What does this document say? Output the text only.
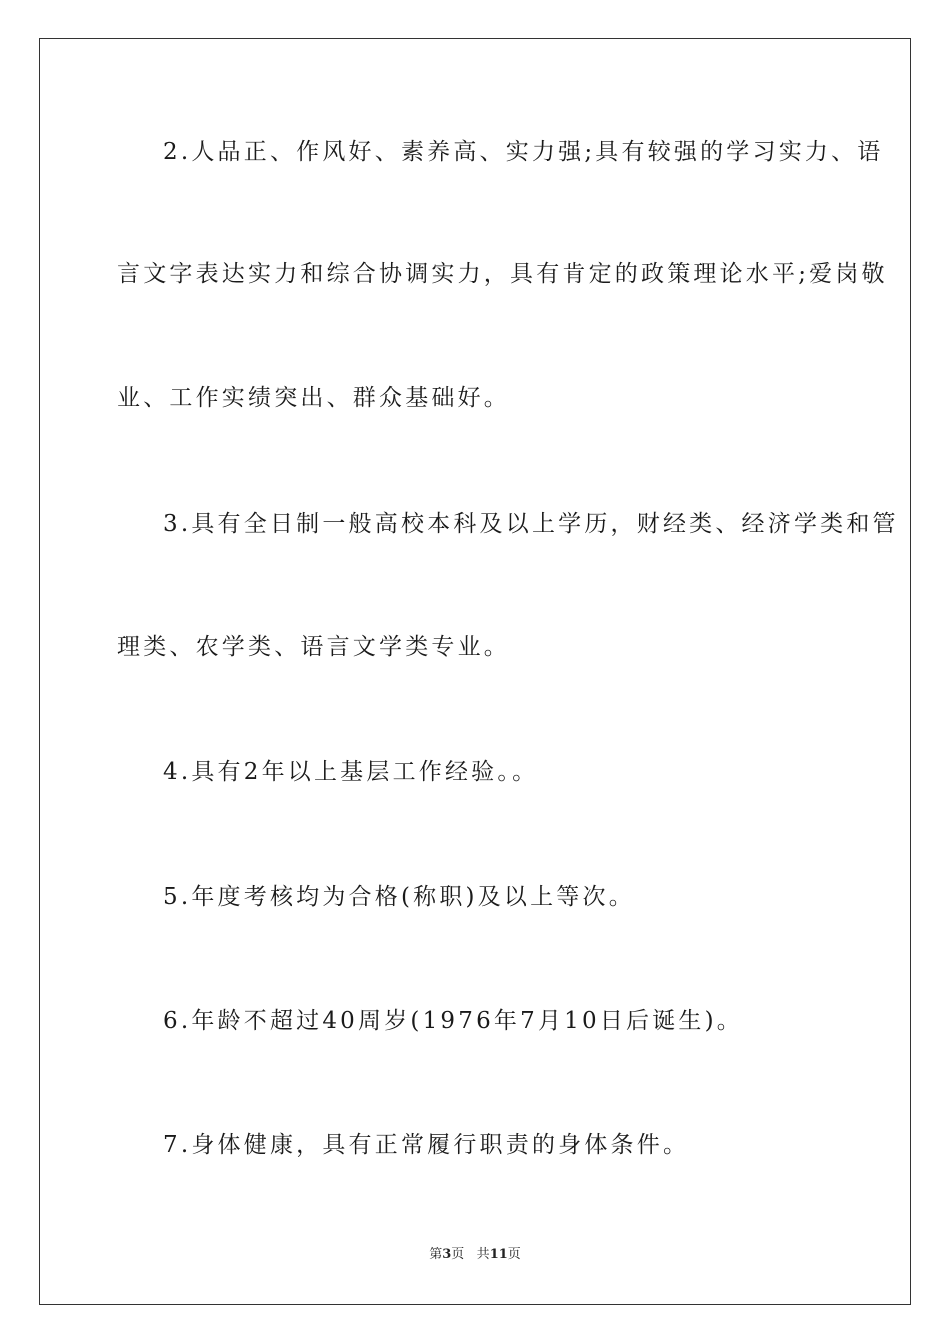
2.人品正、作风好、素养高、实力强;具有较强的学习实力、语
言文字表达实力和综合协调实力，具有肯定的政策理论水平;爱岗敬
业、工作实绩突出、群众基础好。
3.具有全日制一般高校本科及以上学历，财经类、经济学类和管
理类、农学类、语言文学类专业。
4.具有2年以上基层工作经验。。
5.年度考核均为合格(称职)及以上等次。
6.年龄不超过40周岁(1976年7月10日后诞生)。
7.身体健康，具有正常履行职责的身体条件。
第3页 共11页
